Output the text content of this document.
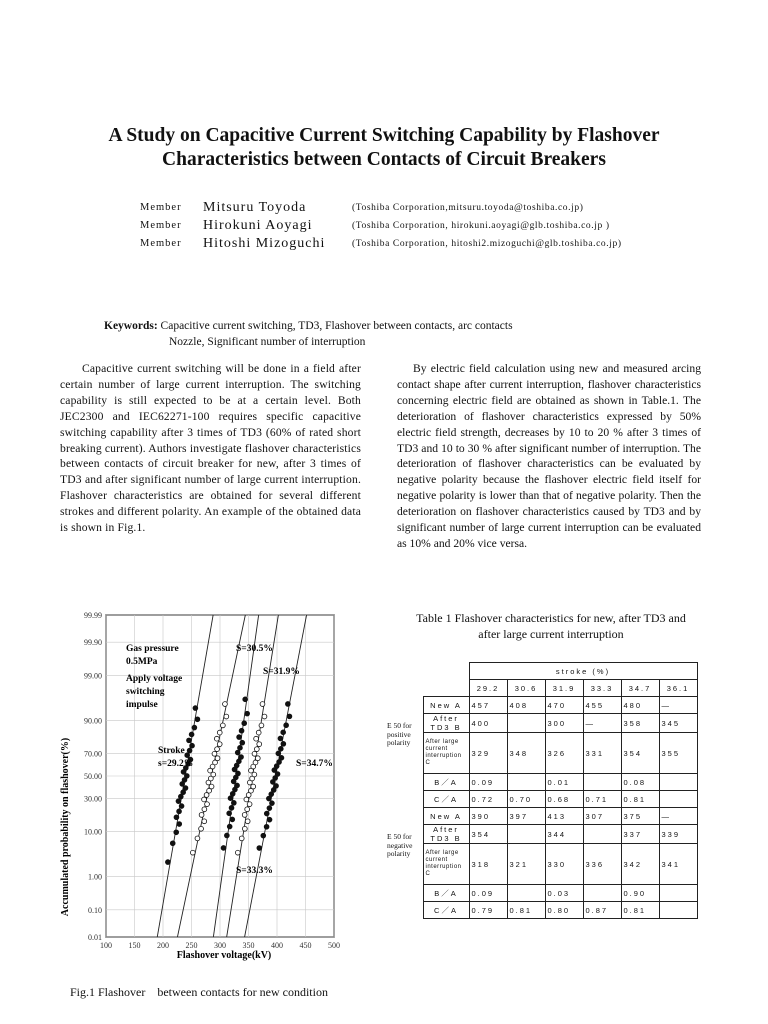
A Study on Capacitive Current Switching Capability by Flashover
Characteristics between Contacts of Circuit Breakers
Member Mitsuru Toyoda	(Toshiba Corporation,mitsuru.toyoda@toshiba.co.jp)
Member Hirokuni Aoyagi	(Toshiba Corporation, hirokuni.aoyagi@glb.toshiba.co.jp )
Member Hitoshi Mizoguchi	(Toshiba Corporation, hitoshi2.mizoguchi@glb.toshiba.co.jp)
Keywords: Capacitive current switching, TD3, Flashover between contacts, arc contacts
Nozzle, Significant number of interruption
Capacitive current switching will be done in a field after certain number of large current interruption. The switching capability is still expected to be at a certain level. Both JEC2300 and IEC62271-100 requires specific capacitive switching capability after 3 times of TD3 (60% of rated short breaking current). Authors investigate flashover characteristics between contacts of circuit breaker for new, after 3 times of TD3 and after significant number of large current interruption. Flashover characteristics are obtained for several different strokes and different polarity. An example of the obtained data is shown in Fig.1.
By electric field calculation using new and measured arcing contact shape after current interruption, flashover characteristics concerning electric field are obtained as shown in Table.1. The deterioration of flashover characteristics expressed by 50% electric field strength, decreases by 10 to 20 % after 3 times of TD3 and 10 to 30 % after significant number of interruption. The deterioration of flashover characteristics can be evaluated by negative polarity because the flashover electric field itself for negative polarity is lower than that of negative polarity. Then the deterioration on flashover characteristics caused by TD3 and by significant number of large current interruption can be evaluated as 10% and 20% vice versa.
99.99
99.90
99.00
90.00
70.00
50.00
30.00
10.00
1.00
0.10
0.01
100 150 200 250 300 350 400 450 500
Accumulated probability on flashover(%)
Flashover voltage(kV)
Gas pressure
0.5MPa
Apply voltage
switching
impulse
Stroke
s=29.2%
S=30.5%
S=31.9%
S=34.7%
S=33.3%
Fig.1 Flashover　between contacts for new condition
Table 1 Flashover characteristics for new, after TD3 and
after large current interruption
		stroke (%)					
		29.2	30.6	31.9	33.3	34.7	36.1
E 50 for positive polarity	New A	457	408	470	455	480	—
	After TD3 B	400		300	—	358	345
	After large current interruption C	329	348	326	331	354	355
	B／A	0.09		0.01		0.08	
	C／A	0.72	0.70	0.68	0.71	0.81	
E 50 for negative polarity	New A	390	397	413	307	375	—
	After TD3 B	354		344		337	339
	After large current interruption C	318	321	330	336	342	341
	B／A	0.09		0.03		0.90	
	C／A	0.79	0.81	0.80	0.87	0.81	
